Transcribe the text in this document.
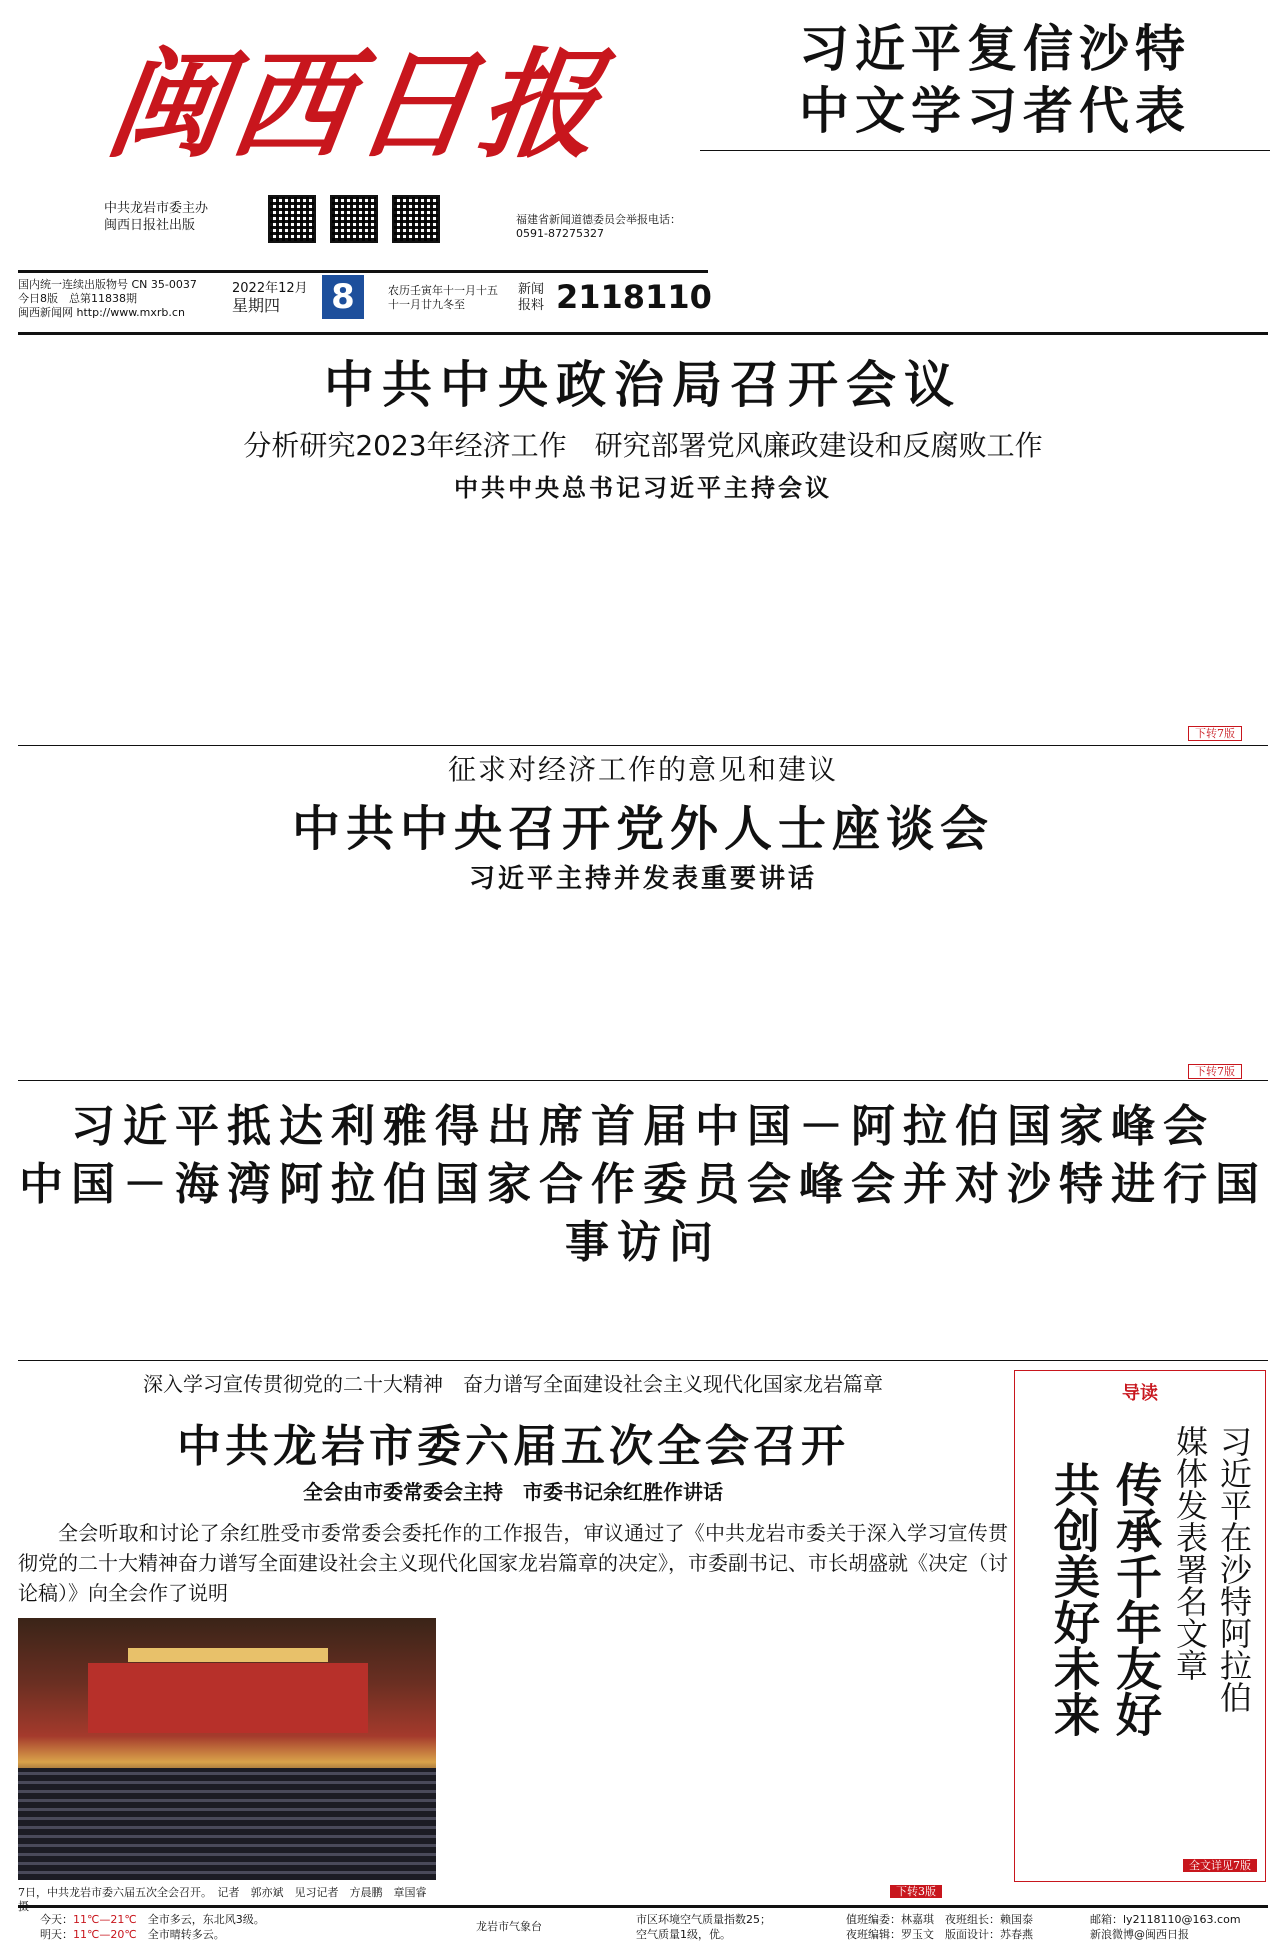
闽西日报
中共龙岩市委主办
闽西日报社出版	福建省新闻道德委员会举报电话：
0591-87275327
国内统一连续出版物号 CN 35-0037
今日8版　 总第11838期
闽西新闻网 http://www.mxrb.cn
2022年12月
星期四	8	农历壬寅年十一月十五
十一月廿九冬至
新闻
报料 2118110
习近平复信沙特
中文学习者代表
中共中央政治局召开会议
分析研究2023年经济工作　研究部署党风廉政建设和反腐败工作
中共中央总书记习近平主持会议
下转7版
征求对经济工作的意见和建议
中共中央召开党外人士座谈会
习近平主持并发表重要讲话
下转7版
习近平抵达利雅得出席首届中国－阿拉伯国家峰会
中国－海湾阿拉伯国家合作委员会峰会并对沙特进行国事访问
深入学习宣传贯彻党的二十大精神　奋力谱写全面建设社会主义现代化国家龙岩篇章
中共龙岩市委六届五次全会召开
全会由市委常委会主持　市委书记余红胜作讲话
全会听取和讨论了余红胜受市委常委会委托作的工作报告，审议通过了《中共龙岩市委关于深入学习宣传贯彻党的二十大精神奋力谱写全面建设社会主义现代化国家龙岩篇章的决定》，市委副书记、市长胡盛就《决定（讨论稿）》向全会作了说明
7日，中共龙岩市委六届五次全会召开。　记者　郭亦斌　见习记者　方晨鹏　章国睿　	下转3版
导读
习近平在沙特阿拉伯
媒体发表署名文章
传承千年友好
共创美好未来
全文详见7版
今天：11℃—21℃　 全市多云，东北风3级。
明天：11℃—20℃　 全市晴转多云。
龙岩市气象台
市区环境空气质量指数25；
空气质量1级，优。
值班编委：林嘉琪　夜班组长：赖国泰
夜班编辑：罗玉文　版面设计：苏春燕
邮箱：ly2118110@163.com
新浪微博@闽西日报
